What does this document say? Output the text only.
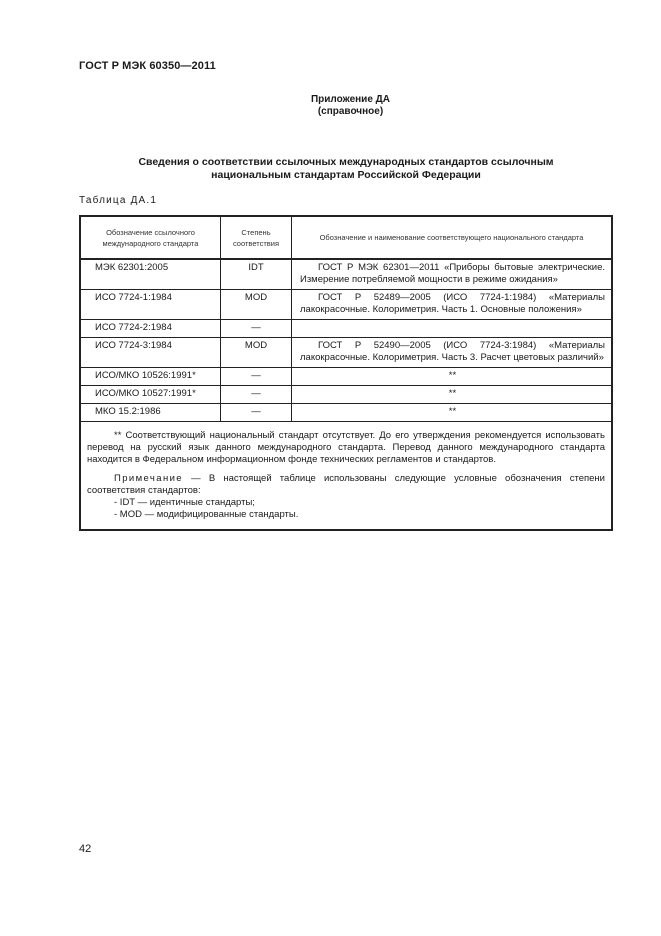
ГОСТ Р МЭК 60350—2011
Приложение ДА
(справочное)
Сведения о соответствии ссылочных международных стандартов ссылочным
национальным стандартам Российской Федерации
Таблица ДА.1
Обозначение ссылочного международного стандарта	Степень соответствия	Обозначение и наименование соответствующего национального стандарта
МЭК 62301:2005	IDT	ГОСТ Р МЭК 62301—2011 «Приборы бытовые электрические. Измерение потребляемой мощности в режиме ожидания»

ИСО 7724-1:1984	MOD	ГОСТ Р 52489—2005 (ИСО 7724-1:1984) «Материалы лакокрасочные. Колориметрия. Часть 1. Основные положения»

ИСО 7724-2:1984	—	
ИСО 7724-3:1984	MOD	ГОСТ Р 52490—2005 (ИСО 7724-3:1984) «Материалы лакокрасочные. Колориметрия. Часть 3. Расчет цветовых различий»

ИСО/МКО 10526:1991*	—	**
ИСО/МКО 10527:1991*	—	**
МКО 15.2:1986	—	**

** Соответствующий национальный стандарт отсутствует. До его утверждения рекомендуется использовать перевод на русский язык данного международного стандарта. Перевод данного международного стандарта находится в Федеральном информационном фонде технических регламентов и стандартов.

Примечание — В настоящей таблице использованы следующие условные обозначения степени соответствия стандартов:

- IDT — идентичные стандарты;

- MOD — модифицированные стандарты.		

42
